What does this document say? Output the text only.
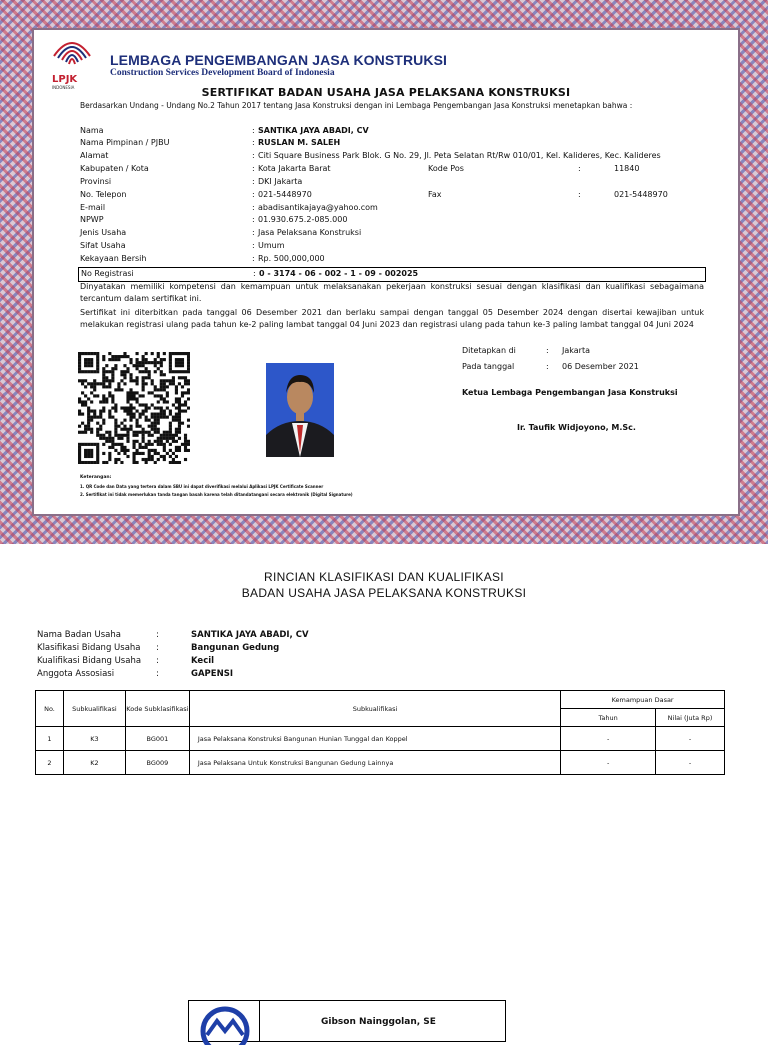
LPJK
INDONESIA
LEMBAGA PENGEMBANGAN JASA KONSTRUKSI
Construction Services Development Board of Indonesia
SERTIFIKAT BADAN USAHA JASA PELAKSANA KONSTRUKSI
Berdasarkan Undang - Undang No.2 Tahun 2017 tentang Jasa Konstruksi dengan ini Lembaga Pengembangan Jasa Konstruksi menetapkan bahwa :
Nama	: SANTIKA JAYA ABADI, CV
Nama Pimpinan / PJBU	: RUSLAN M. SALEH
Alamat	: Citi Square Business Park Blok. G No. 29, Jl. Peta Selatan Rt/Rw 010/01, Kel. Kalideres, Kec. Kalideres
Kabupaten / Kota	: Kota Jakarta Barat	Kode Pos	:	11840
Provinsi	: DKI Jakarta
No. Telepon	: 021-5448970	Fax	:	021-5448970
E-mail	: abadisantikajaya@yahoo.com
NPWP	: 01.930.675.2-085.000
Jenis Usaha	: Jasa Pelaksana Konstruksi
Sifat Usaha	: Umum
Kekayaan Bersih	: Rp. 500,000,000
No Registrasi	: 0 - 3174 - 06 - 002 - 1 - 09 - 002025
Dinyatakan memiliki kompetensi dan kemampuan untuk melaksanakan pekerjaan konstruksi sesuai dengan klasifikasi dan kualifikasi sebagaimana tercantum dalam sertifikat ini.
Sertifikat ini diterbitkan pada tanggal 06 Desember 2021 dan berlaku sampai dengan tanggal 05 Desember 2024 dengan disertai kewajiban untuk melakukan registrasi ulang pada tahun ke-2 paling lambat tanggal 04 Juni 2023 dan registrasi ulang pada tahun ke-3 paling lambat tanggal 04 Juni 2024
Ditetapkan di	: Jakarta
Pada tanggal	: 06 Desember 2021
Ketua Lembaga Pengembangan Jasa Konstruksi
Ir. Taufik Widjoyono, M.Sc.
Keterangan:
1. QR Code dan Data yang tertera dalam SBU ini dapat diverifikasi melalui Aplikasi LPJK Certificate Scanner
2. Sertifikat ini tidak memerlukan tanda tangan basah karena telah ditandatangani secara elektronik (Digital Signature)
RINCIAN KLASIFIKASI DAN KUALIFIKASI
BADAN USAHA JASA PELAKSANA KONSTRUKSI
Nama Badan Usaha	:	SANTIKA JAYA ABADI, CV
Klasifikasi Bidang Usaha :	Bangunan Gedung
Kualifikasi Bidang Usaha :	Kecil
Anggota Assosiasi	:	GAPENSI
No.	Subkualifikasi	Kode Subklasifikasi	Subkualifikasi	Kemampuan Dasar	
				Tahun	Nilai (Juta Rp)
1	K3	BG001	Jasa Pelaksana Konstruksi Bangunan Hunian Tunggal dan Koppel	-	-
2	K2	BG009	Jasa Pelaksana Untuk Konstruksi Bangunan Gedung Lainnya	-	-
Gibson Nainggolan, SE
